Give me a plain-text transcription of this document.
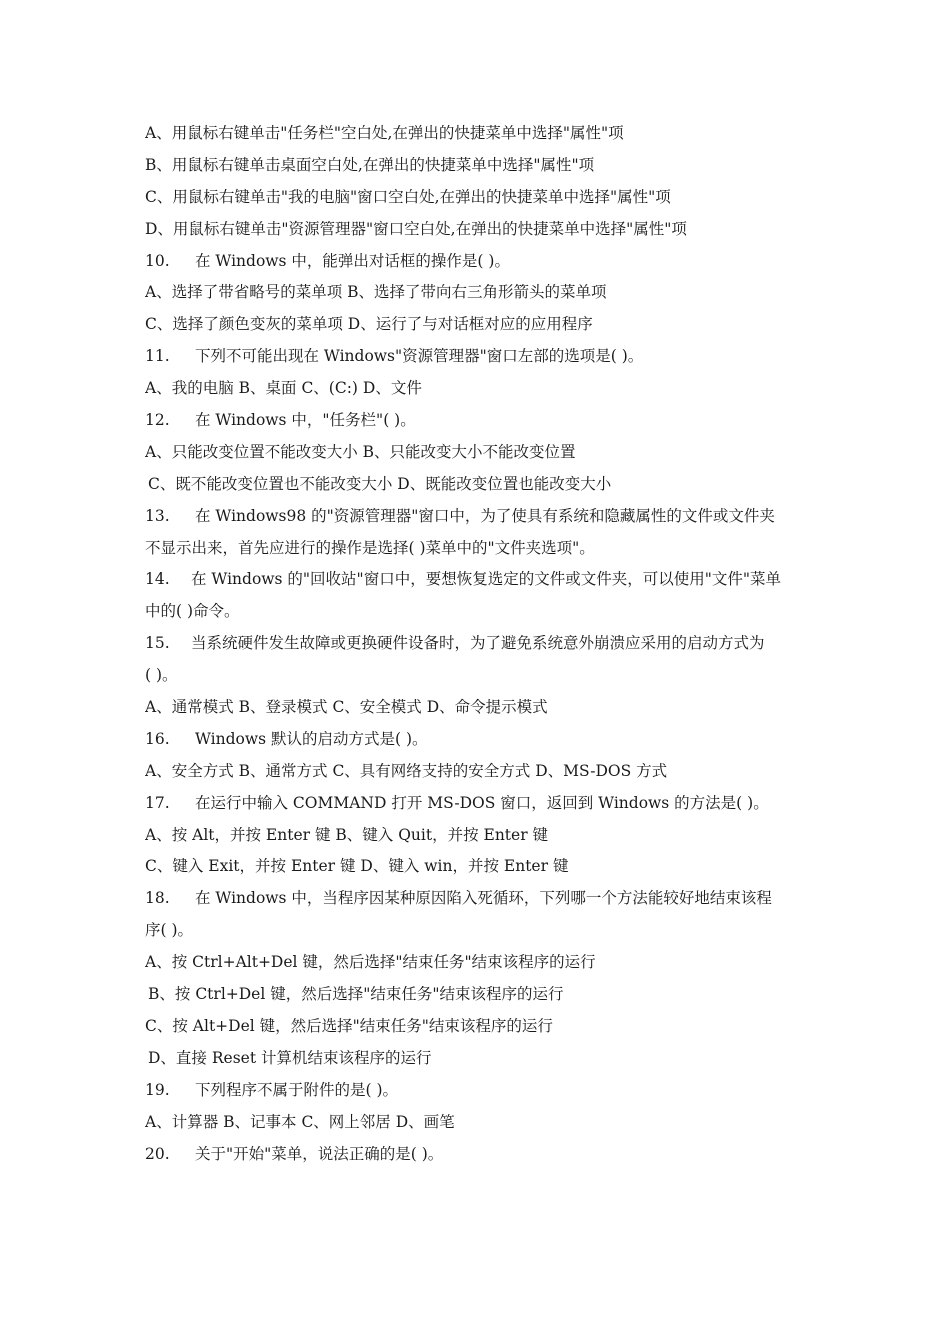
A、用鼠标右键单击"任务栏"空白处,在弹出的快捷菜单中选择"属性"项
B、用鼠标右键单击桌面空白处,在弹出的快捷菜单中选择"属性"项
C、用鼠标右键单击"我的电脑"窗口空白处,在弹出的快捷菜单中选择"属性"项
D、用鼠标右键单击"资源管理器"窗口空白处,在弹出的快捷菜单中选择"属性"项
10. 在 Windows 中，能弹出对话框的操作是( )。
A、选择了带省略号的菜单项 B、选择了带向右三角形箭头的菜单项
C、选择了颜色变灰的菜单项 D、运行了与对话框对应的应用程序
11. 下列不可能出现在 Windows"资源管理器"窗口左部的选项是( )。
A、我的电脑 B、桌面 C、(C:) D、文件
12. 在 Windows 中，"任务栏"( )。
A、只能改变位置不能改变大小 B、只能改变大小不能改变位置
C、既不能改变位置也不能改变大小 D、既能改变位置也能改变大小
13. 在 Windows98 的"资源管理器"窗口中，为了使具有系统和隐藏属性的文件或文件夹
不显示出来，首先应进行的操作是选择( )菜单中的"文件夹选项"。
14. 在 Windows 的"回收站"窗口中，要想恢复选定的文件或文件夹，可以使用"文件"菜单
中的( )命令。
15. 当系统硬件发生故障或更换硬件设备时，为了避免系统意外崩溃应采用的启动方式为
( )。
A、通常模式 B、登录模式 C、安全模式 D、命令提示模式
16. Windows 默认的启动方式是( )。
A、安全方式 B、通常方式 C、具有网络支持的安全方式 D、MS-DOS 方式
17. 在运行中输入 COMMAND 打开 MS-DOS 窗口，返回到 Windows 的方法是( )。
A、按 Alt，并按 Enter 键 B、键入 Quit，并按 Enter 键
C、键入 Exit，并按 Enter 键 D、键入 win，并按 Enter 键
18. 在 Windows 中，当程序因某种原因陷入死循环，下列哪一个方法能较好地结束该程
序( )。
A、按 Ctrl+Alt+Del 键，然后选择"结束任务"结束该程序的运行
B、按 Ctrl+Del 键，然后选择"结束任务"结束该程序的运行
C、按 Alt+Del 键，然后选择"结束任务"结束该程序的运行
D、直接 Reset 计算机结束该程序的运行
19. 下列程序不属于附件的是( )。
A、计算器 B、记事本 C、网上邻居 D、画笔
20. 关于"开始"菜单，说法正确的是( )。
